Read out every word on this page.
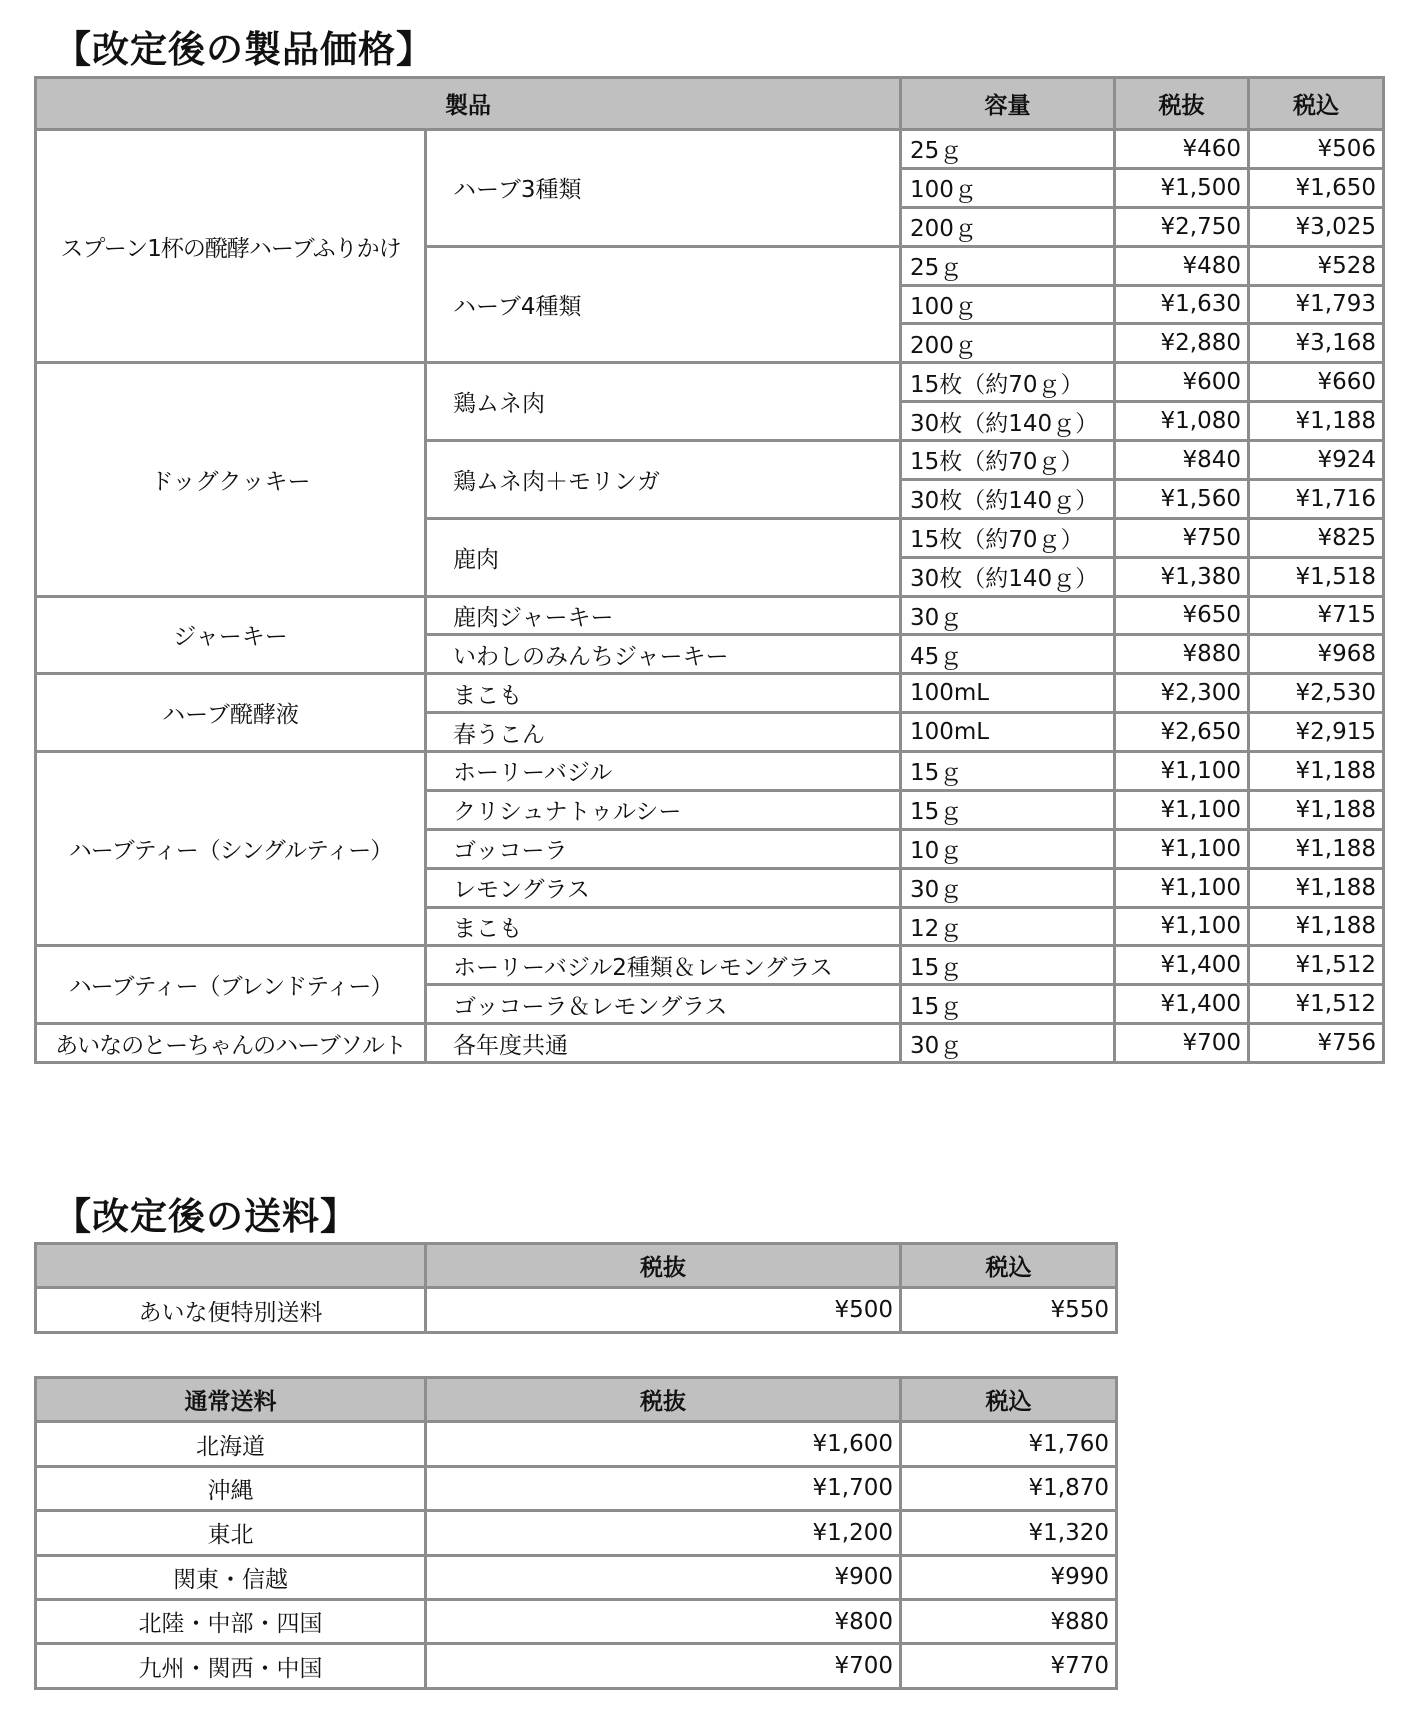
【改定後の製品価格】
製品		容量	税抜	税込
スプーン1杯の醗酵ハーブふりかけ	ハーブ3種類	25ｇ	¥460	¥506
		100ｇ	¥1,500	¥1,650
		200ｇ	¥2,750	¥3,025
	ハーブ4種類	25ｇ	¥480	¥528
		100ｇ	¥1,630	¥1,793
		200ｇ	¥2,880	¥3,168
ドッグクッキー	鶏ムネ肉	15枚（約70ｇ）	¥600	¥660
		30枚（約140ｇ）	¥1,080	¥1,188
	鶏ムネ肉＋モリンガ	15枚（約70ｇ）	¥840	¥924
		30枚（約140ｇ）	¥1,560	¥1,716
	鹿肉	15枚（約70ｇ）	¥750	¥825
		30枚（約140ｇ）	¥1,380	¥1,518
ジャーキー	鹿肉ジャーキー	30ｇ	¥650	¥715
	いわしのみんちジャーキー	45ｇ	¥880	¥968
ハーブ醗酵液	まこも	100mL	¥2,300	¥2,530
	春うこん	100mL	¥2,650	¥2,915
ハーブティー（シングルティー）	ホーリーバジル	15ｇ	¥1,100	¥1,188
	クリシュナトゥルシー	15ｇ	¥1,100	¥1,188
	ゴッコーラ	10ｇ	¥1,100	¥1,188
	レモングラス	30ｇ	¥1,100	¥1,188
	まこも	12ｇ	¥1,100	¥1,188
ハーブティー（ブレンドティー）	ホーリーバジル2種類＆レモングラス	15ｇ	¥1,400	¥1,512
	ゴッコーラ＆レモングラス	15ｇ	¥1,400	¥1,512
あいなのとーちゃんのハーブソルト	各年度共通	30ｇ	¥700	¥756
【改定後の送料】
	税抜	税込
あいな便特別送料	¥500	¥550
通常送料	税抜	税込
北海道	¥1,600	¥1,760
沖縄	¥1,700	¥1,870
東北	¥1,200	¥1,320
関東・信越	¥900	¥990
北陸・中部・四国	¥800	¥880
九州・関西・中国	¥700	¥770
